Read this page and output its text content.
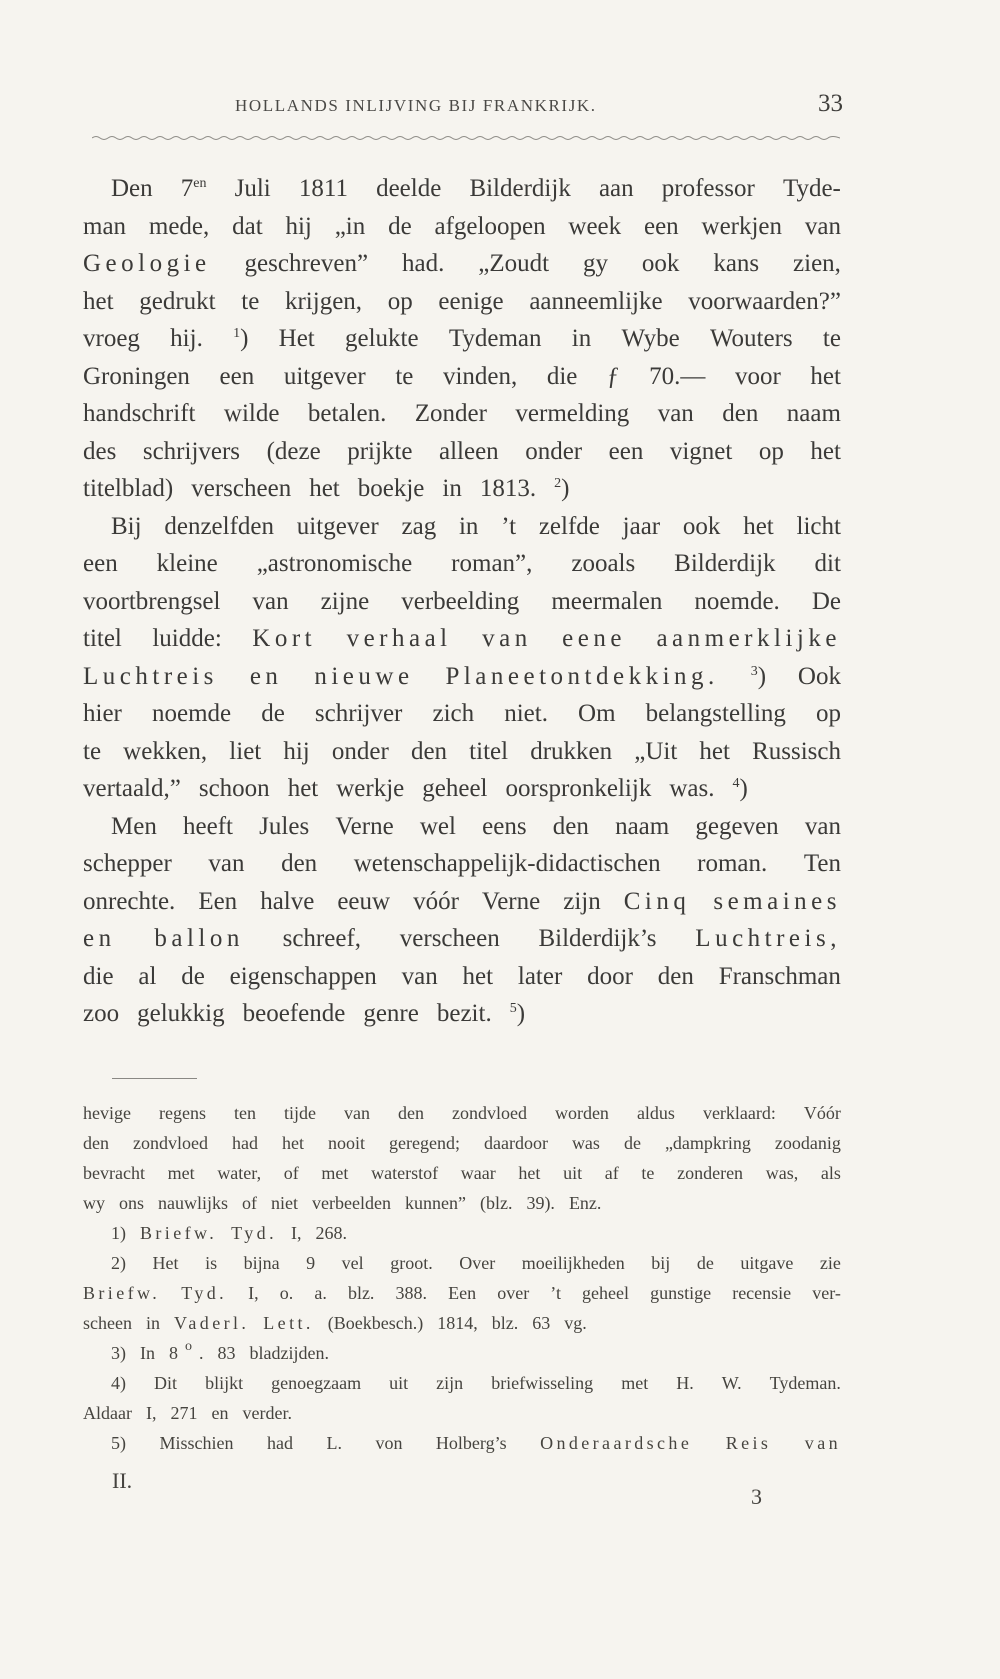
HOLLANDS INLIJVING BIJ FRANKRIJK.	33
Den $7^{en}$ Juli 1811 deelde Bilderdijk aan professor Tyde-
man mede, dat hij „in de afgeloopen week een werkjen van
Geologie geschreven” had. „Zoudt gy ook kans zien,
het gedrukt te krijgen, op eenige aanneemlijke voorwaarden?”
vroeg hij. $^1$) Het gelukte Tydeman in Wybe Wouters te
Groningen een uitgever te vinden, die ƒ 70.— voor het
handschrift wilde betalen. Zonder vermelding van den naam
des schrijvers (deze prijkte alleen onder een vignet op het
titelblad) verscheen het boekje in 1813.	$^2$)
Bij denzelfden uitgever zag in ’t zelfde jaar ook het licht
een kleine „astronomische roman”, zooals Bilderdijk dit
voortbrengsel van zijne verbeelding meermalen noemde. De
titel luidde: Kort verhaal van eene aanmerklijke
Luchtreis en nieuwe Planeetontdekking. $^3$) Ook
hier noemde de schrijver zich niet. Om belangstelling op
te wekken, liet hij onder den titel drukken „Uit het Russisch
vertaald,” schoon het werkje geheel oorspronkelijk was.	$^4$)
Men heeft Jules Verne wel eens den naam gegeven van
schepper van den wetenschappelijk-didactischen roman. Ten
onrechte. Een halve eeuw vóór Verne zijn Cinq semaines
en ballon schreef, verscheen Bilderdijk’s Luchtreis,
die al de eigenschappen van het later door den Franschman
zoo gelukkig beoefende genre bezit.	$^5$)
hevige regens ten tijde van den zondvloed worden aldus verklaard: Vóór
den zondvloed had het nooit geregend; daardoor was de „dampkring zoodanig
bevracht met water, of met waterstof waar het uit af te zonderen was, als
wy ons nauwlijks of niet verbeelden kunnen” (blz. 39). Enz.
1) Briefw. Tyd. I, 268.
2) Het is bijna 9 vel groot. Over moeilijkheden bij de uitgave zie
Briefw. Tyd. I, o. a. blz. 388. Een over ’t geheel gunstige recensie ver-
scheen in Vaderl. Lett. (Boekbesch.) 1814, blz. 63 vg.
3) In 8 $^o$ . 83 bladzijden.
4) Dit blijkt genoegzaam uit zijn briefwisseling met H. W. Tydeman.
Aldaar I, 271 en verder.
5) Misschien had L. von Holberg’s Onderaardsche Reis van
II.
3
